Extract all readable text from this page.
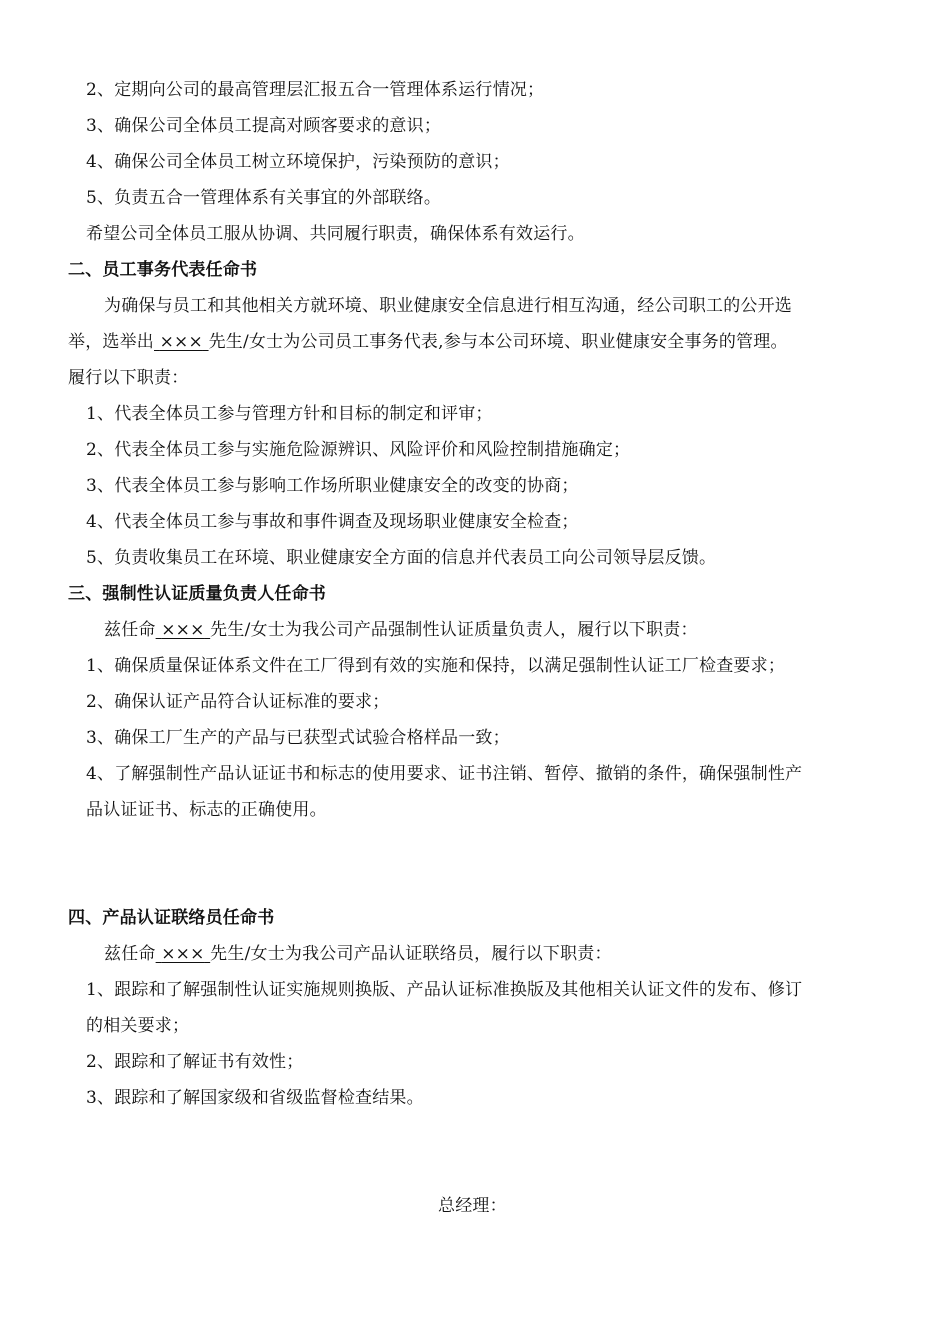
2、定期向公司的最高管理层汇报五合一管理体系运行情况；
3、确保公司全体员工提高对顾客要求的意识；
4、确保公司全体员工树立环境保护，污染预防的意识；
5、负责五合一管理体系有关事宜的外部联络。
希望公司全体员工服从协调、共同履行职责，确保体系有效运行。
二、员工事务代表任命书
为确保与员工和其他相关方就环境、职业健康安全信息进行相互沟通，经公司职工的公开选
举，选举出 ××× 先生/女士为公司员工事务代表,参与本公司环境、职业健康安全事务的管理。
履行以下职责：
1、代表全体员工参与管理方针和目标的制定和评审；
2、代表全体员工参与实施危险源辨识、风险评价和风险控制措施确定；
3、代表全体员工参与影响工作场所职业健康安全的改变的协商；
4、代表全体员工参与事故和事件调查及现场职业健康安全检查；
5、负责收集员工在环境、职业健康安全方面的信息并代表员工向公司领导层反馈。
三、强制性认证质量负责人任命书
兹任命 ××× 先生/女士为我公司产品强制性认证质量负责人，履行以下职责：
1、确保质量保证体系文件在工厂得到有效的实施和保持，以满足强制性认证工厂检查要求；
2、确保认证产品符合认证标准的要求；
3、确保工厂生产的产品与已获型式试验合格样品一致；
4、了解强制性产品认证证书和标志的使用要求、证书注销、暂停、撤销的条件，确保强制性产
品认证证书、标志的正确使用。
四、产品认证联络员任命书
兹任命 ××× 先生/女士为我公司产品认证联络员，履行以下职责：
1、跟踪和了解强制性认证实施规则换版、产品认证标准换版及其他相关认证文件的发布、修订
的相关要求；
2、跟踪和了解证书有效性；
3、跟踪和了解国家级和省级监督检查结果。
总经理：
